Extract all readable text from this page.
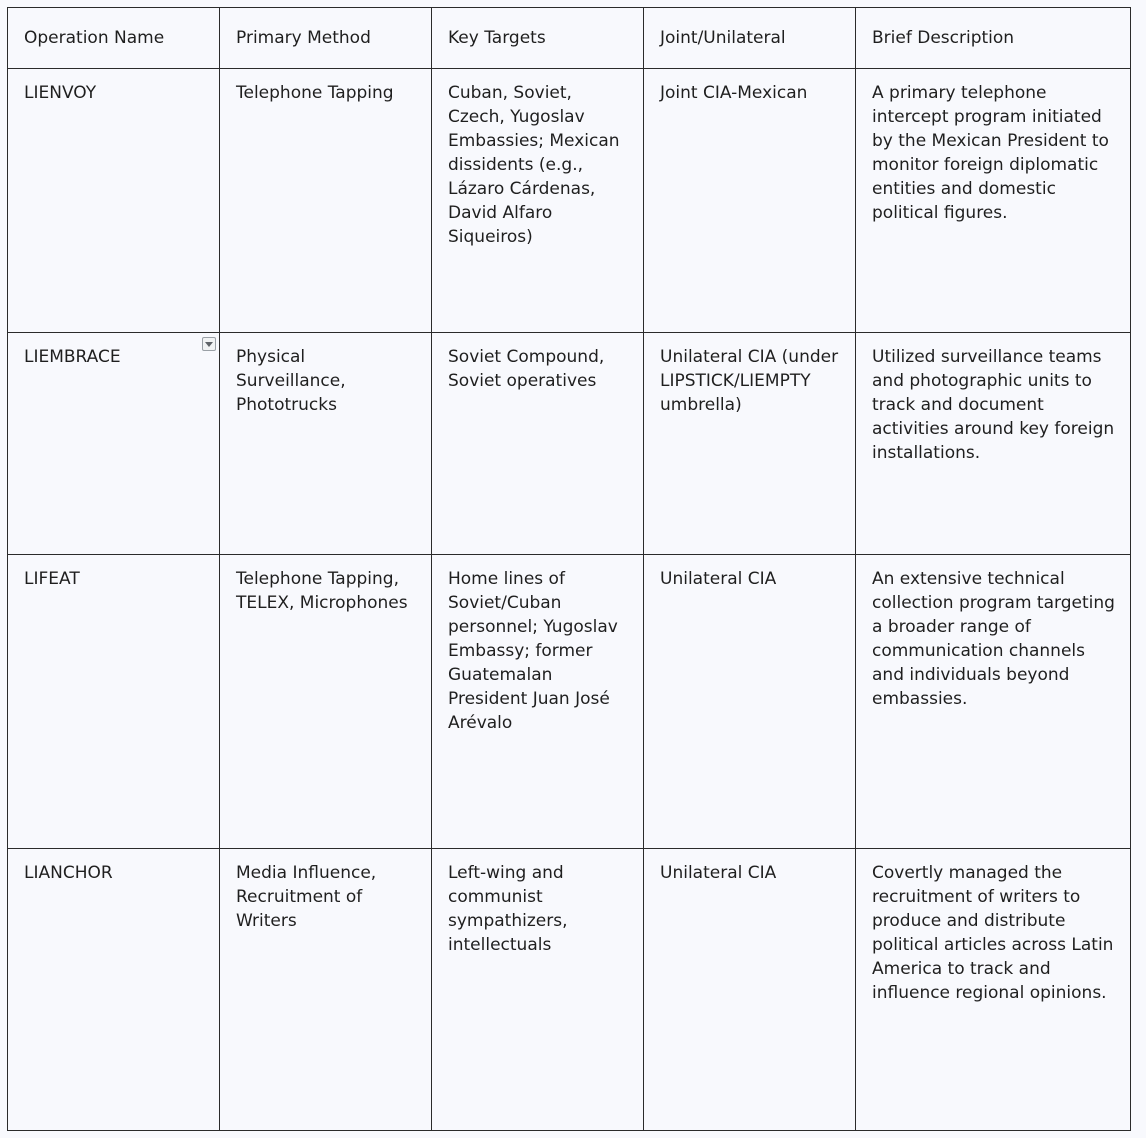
Operation Name	Primary Method	Key Targets	Joint/Unilateral	Brief Description
LIENVOY	Telephone Tapping	Cuban, Soviet, Czech, Yugoslav Embassies; Mexican dissidents (e.g., Lázaro Cárdenas, David Alfaro Siqueiros)	Joint CIA-Mexican	A primary telephone intercept program initiated by the Mexican President to monitor foreign diplomatic entities and domestic political figures.
LIEMBRACE	Physical Surveillance, Phototrucks	Soviet Compound, Soviet operatives	Unilateral CIA (under LIPSTICK/LIEMPTY umbrella)	Utilized surveillance teams and photographic units to track and document activities around key foreign installations.
LIFEAT	Telephone Tapping, TELEX, Microphones	Home lines of Soviet/Cuban personnel; Yugoslav Embassy; former Guatemalan President Juan José Arévalo	Unilateral CIA	An extensive technical collection program targeting a broader range of communication channels and individuals beyond embassies.
LIANCHOR	Media Influence, Recruitment of Writers	Left-wing and communist sympathizers, intellectuals	Unilateral CIA	Covertly managed the recruitment of writers to produce and distribute political articles across Latin America to track and influence regional opinions.
